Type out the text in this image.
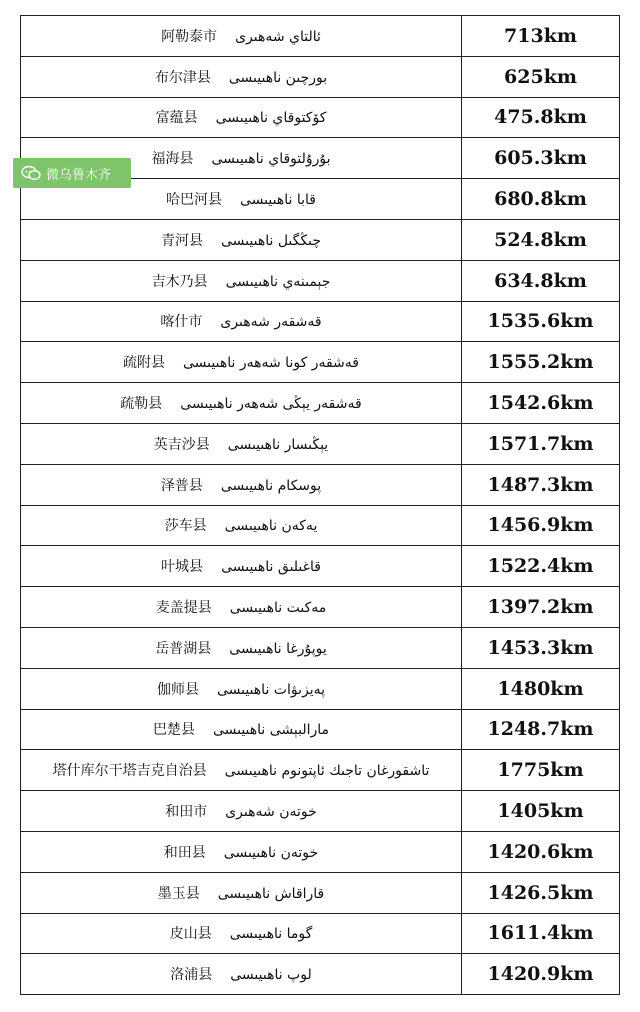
阿勒泰市 ئالتاي شەھىرى	713km
布尔津县 بورچىن ناھىيىسى	625km
富蕴县 كۆكتوقاي ناھىيىسى	475.8km
福海县 بۇرۇلتوقاي ناھىيىسى	605.3km
哈巴河县 قابا ناھىيىسى	680.8km
青河县 چىڭگىل ناھىيىسى	524.8km
吉木乃县 جېمىنەي ناھىيىسى	634.8km
喀什市 قەشقەر شەھىرى	1535.6km
疏附县 قەشقەر كونا شەھەر ناھىيىسى	1555.2km
疏勒县 قەشقەر يېڭى شەھەر ناھىيىسى	1542.6km
英吉沙县 يېڭىسار ناھىيىسى	1571.7km
泽普县 پوسكام ناھىيىسى	1487.3km
莎车县 يەكەن ناھىيىسى	1456.9km
叶城县 قاغىلىق ناھىيىسى	1522.4km
麦盖提县 مەكىت ناھىيىسى	1397.2km
岳普湖县 يوپۇرغا ناھىيىسى	1453.3km
伽师县 پەيزىۋات ناھىيىسى	1480km
巴楚县 مارالبېشى ناھىيىسى	1248.7km
塔什库尔干塔吉克自治县 تاشقورغان تاجىك ئاپتونوم ناھىيىسى	1775km
和田市 خوتەن شەھىرى	1405km
和田县 خوتەن ناھىيىسى	1420.6km
墨玉县 قاراقاش ناھىيىسى	1426.5km
皮山县 گوما ناھىيىسى	1611.4km
洛浦县 لوپ ناھىيىسى	1420.9km
微乌鲁木齐
